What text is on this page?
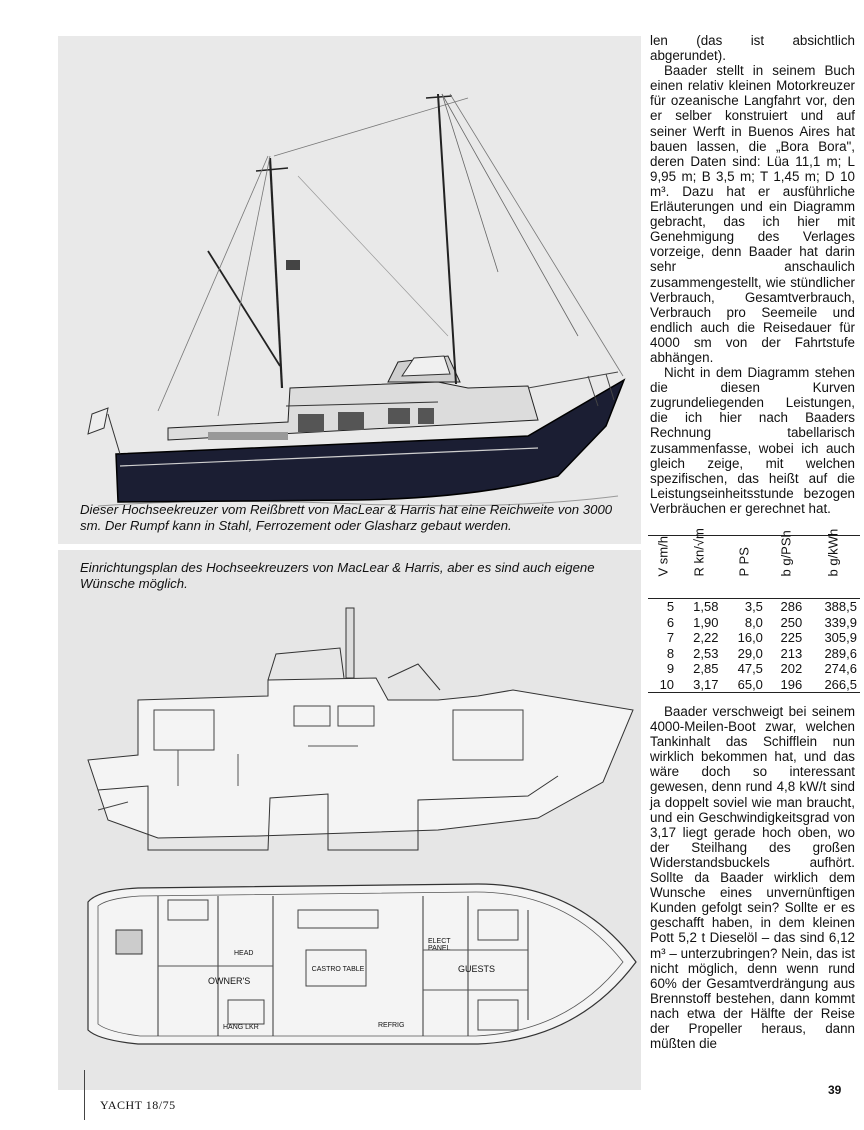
Dieser Hochseekreuzer vom Reißbrett von MacLear & Harris hat eine Reichweite von 3000 sm. Der Rumpf kann in Stahl, Ferrozement oder Glasharz gebaut werden.
Einrichtungsplan des Hochseekreuzers von MacLear & Harris, aber es sind auch eigene Wünsche möglich.
OWNER'S
GUESTS
CASTRO TABLE
HEAD
ELECT PANEL
HANG LKR	REFRIG

len (das ist absichtlich abgerundet).

Baader stellt in seinem Buch einen relativ kleinen Motorkreuzer für ozeanische Langfahrt vor, den er selber konstruiert und auf seiner Werft in Buenos Aires hat bauen lassen, die „Bora Bora", deren Daten sind: Lüa 11,1 m; L 9,95 m; B 3,5 m; T 1,45 m; D 10 m³. Dazu hat er ausführliche Erläuterungen und ein Diagramm gebracht, das ich hier mit Genehmigung des Verlages vorzeige, denn Baader hat darin sehr anschaulich zusammengestellt, wie stündlicher Verbrauch, Gesamtverbrauch, Verbrauch pro Seemeile und endlich auch die Reisedauer für 4000 sm von der Fahrtstufe abhängen.

Nicht in dem Diagramm stehen die diesen Kurven zugrundeliegenden Leistungen, die ich hier nach Baaders Rechnung tabellarisch zusammenfasse, wobei ich auch gleich zeige, mit welchen spezifischen, das heißt auf die Leistungseinheitsstunde bezogen Verbräuchen er gerechnet hat.

V sm/h	R kn/√m	P PS	b g/PSh	b g/kWh
5	1,58	3,5	286	388,5
6	1,90	8,0	250	339,9
7	2,22	16,0	225	305,9
8	2,53	29,0	213	289,6
9	2,85	47,5	202	274,6
10	3,17	65,0	196	266,5

Baader verschweigt bei seinem 4000-Meilen-Boot zwar, welchen Tankinhalt das Schifflein nun wirklich bekommen hat, und das wäre doch so interessant gewesen, denn rund 4,8 kW/t sind ja doppelt soviel wie man braucht, und ein Geschwindigkeitsgrad von 3,17 liegt gerade hoch oben, wo der Steilhang des großen Widerstandsbuckels aufhört. Sollte da Baader wirklich dem Wunsche eines unvernünftigen Kunden gefolgt sein? Sollte er es geschafft haben, in dem kleinen Pott 5,2 t Dieselöl – das sind 6,12 m³ – unterzubringen? Nein, das ist nicht möglich, denn wenn rund 60% der Gesamtverdrängung aus Brennstoff bestehen, dann kommt nach etwa der Hälfte der Reise der Propeller heraus, dann müßten die

YACHT 18/75
39
